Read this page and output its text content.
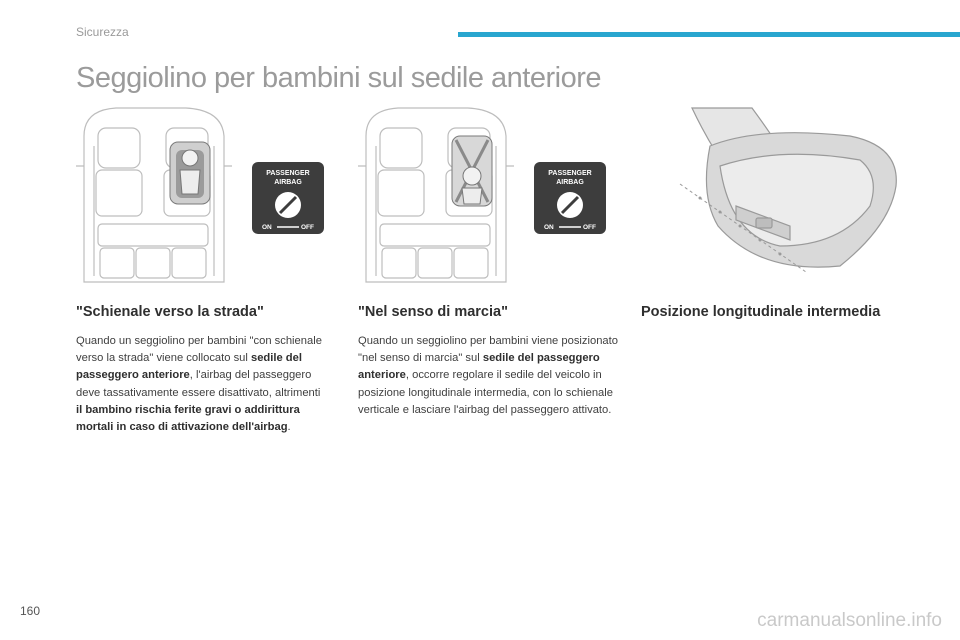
Sicurezza
Seggiolino per bambini sul sedile anteriore
PASSENGER
AIRBAG
ON	OFF
PASSENGER
AIRBAG
ON	OFF
"Schienale verso la strada"

Quando un seggiolino per bambini "con schienale verso la strada" viene collocato sul sedile del passeggero anteriore, l'airbag del passeggero deve tassativamente essere disattivato, altrimenti il bambino rischia ferite gravi o addirittura mortali in caso di attivazione dell'airbag.

"Nel senso di marcia"

Quando un seggiolino per bambini viene posizionato "nel senso di marcia" sul sedile del passeggero anteriore, occorre regolare il sedile del veicolo in posizione longitudinale intermedia, con lo schienale verticale e lasciare l'airbag del passeggero attivato.

Posizione longitudinale intermedia
160	carmanualsonline.info
